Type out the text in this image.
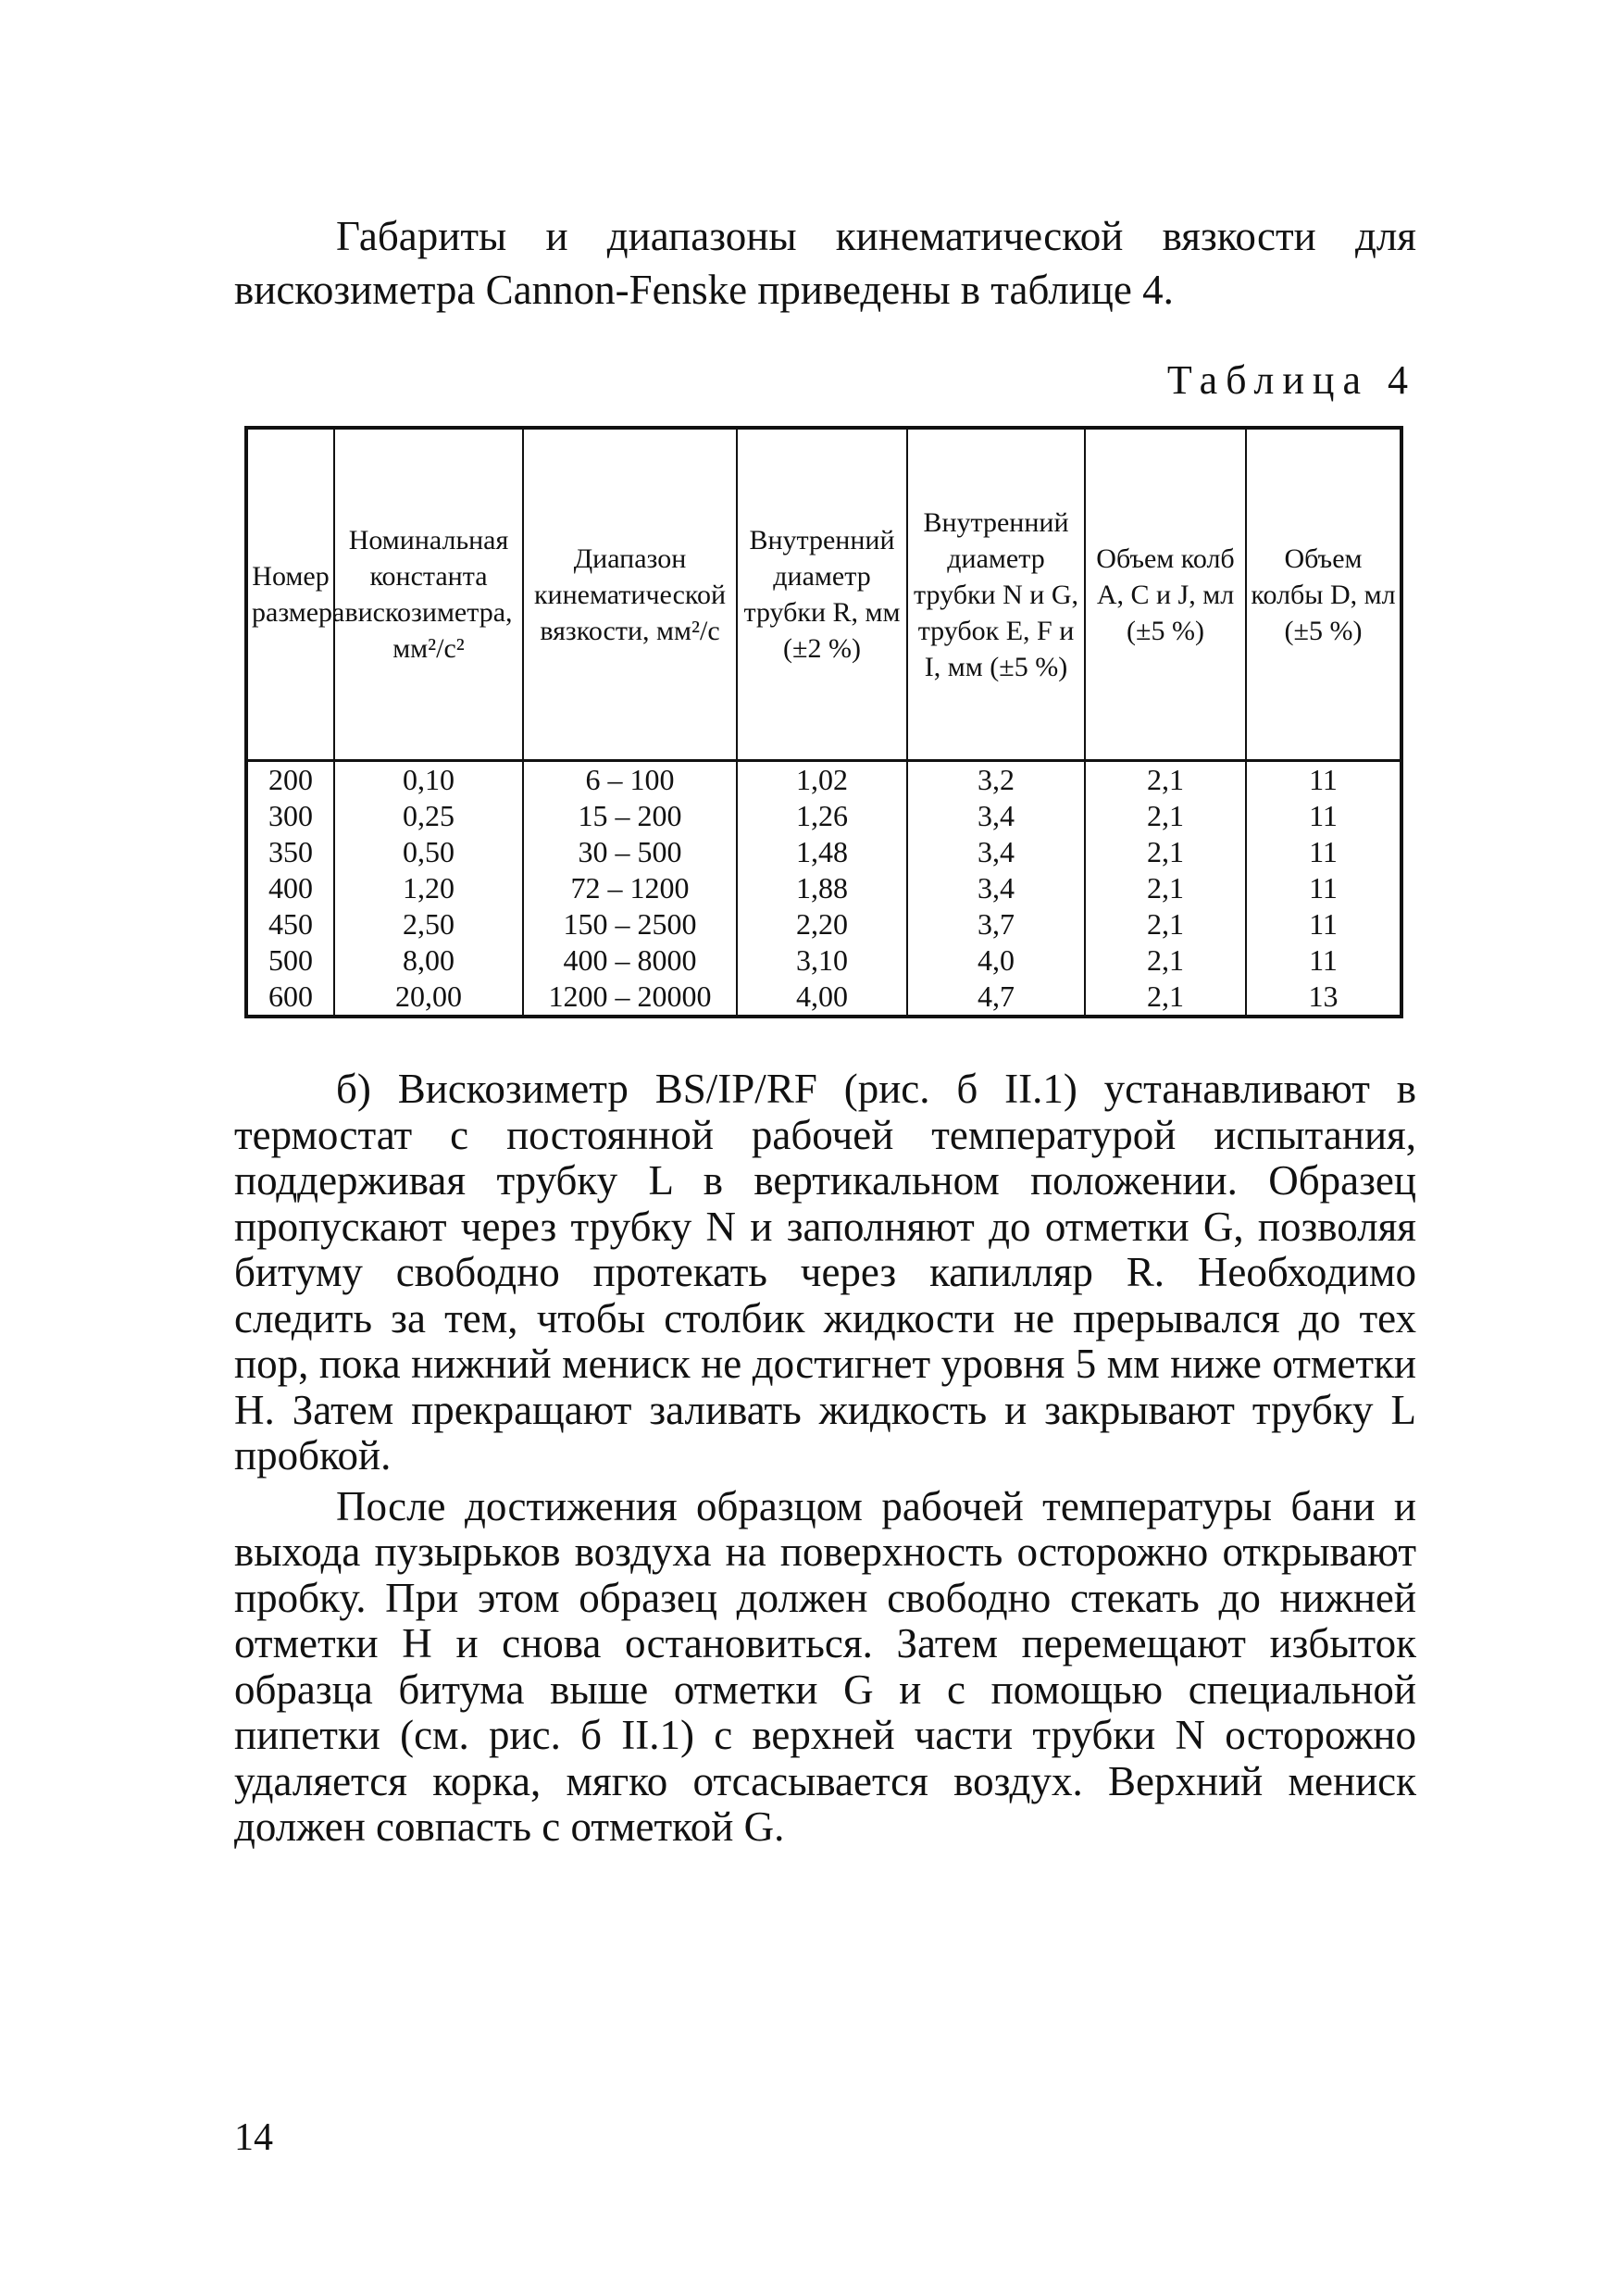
Габариты и диапазоны кинематической вязкости для вискозиметра Cannon-Fenske приведены в таблице 4.

Таблица 4
Номер размера	Номинальная константа вискозиметра, мм²/с²	Диапазон кинематической вязкости, мм²/с	Внутренний диаметр трубки R, мм (±2 %)	Внутренний диаметр трубки N и G, трубок E, F и I, мм (±5 %)	Объем колб A, C и J, мл (±5 %)	Объем колбы D, мл (±5 %)
200	0,10	6 – 100	1,02	3,2	2,1	11
300	0,25	15 – 200	1,26	3,4	2,1	11
350	0,50	30 – 500	1,48	3,4	2,1	11
400	1,20	72 – 1200	1,88	3,4	2,1	11
450	2,50	150 – 2500	2,20	3,7	2,1	11
500	8,00	400 – 8000	3,10	4,0	2,1	11
600	20,00	1200 – 20000	4,00	4,7	2,1	13

б) Вискозиметр BS/IP/RF (рис. б II.1) устанавливают в термостат с постоянной рабочей температурой испытания, поддерживая трубку L в вертикальном положении. Образец пропускают через трубку N и заполняют до отметки G, позволяя битуму свободно протекать через капилляр R. Необходимо следить за тем, чтобы столбик жидкости не прерывался до тех пор, пока нижний мениск не достигнет уровня 5 мм ниже отметки H. Затем прекращают заливать жидкость и закрывают трубку L пробкой.

После достижения образцом рабочей температуры бани и выхода пузырьков воздуха на поверхность осторожно открывают пробку. При этом образец должен свободно стекать до нижней отметки H и снова остановиться. Затем перемещают избыток образца битума выше отметки G и с помощью специальной пипетки (см. рис. б II.1) с верхней части трубки N осторожно удаляется корка, мягко отсасывается воздух. Верхний мениск должен совпасть с отметкой G.

14
